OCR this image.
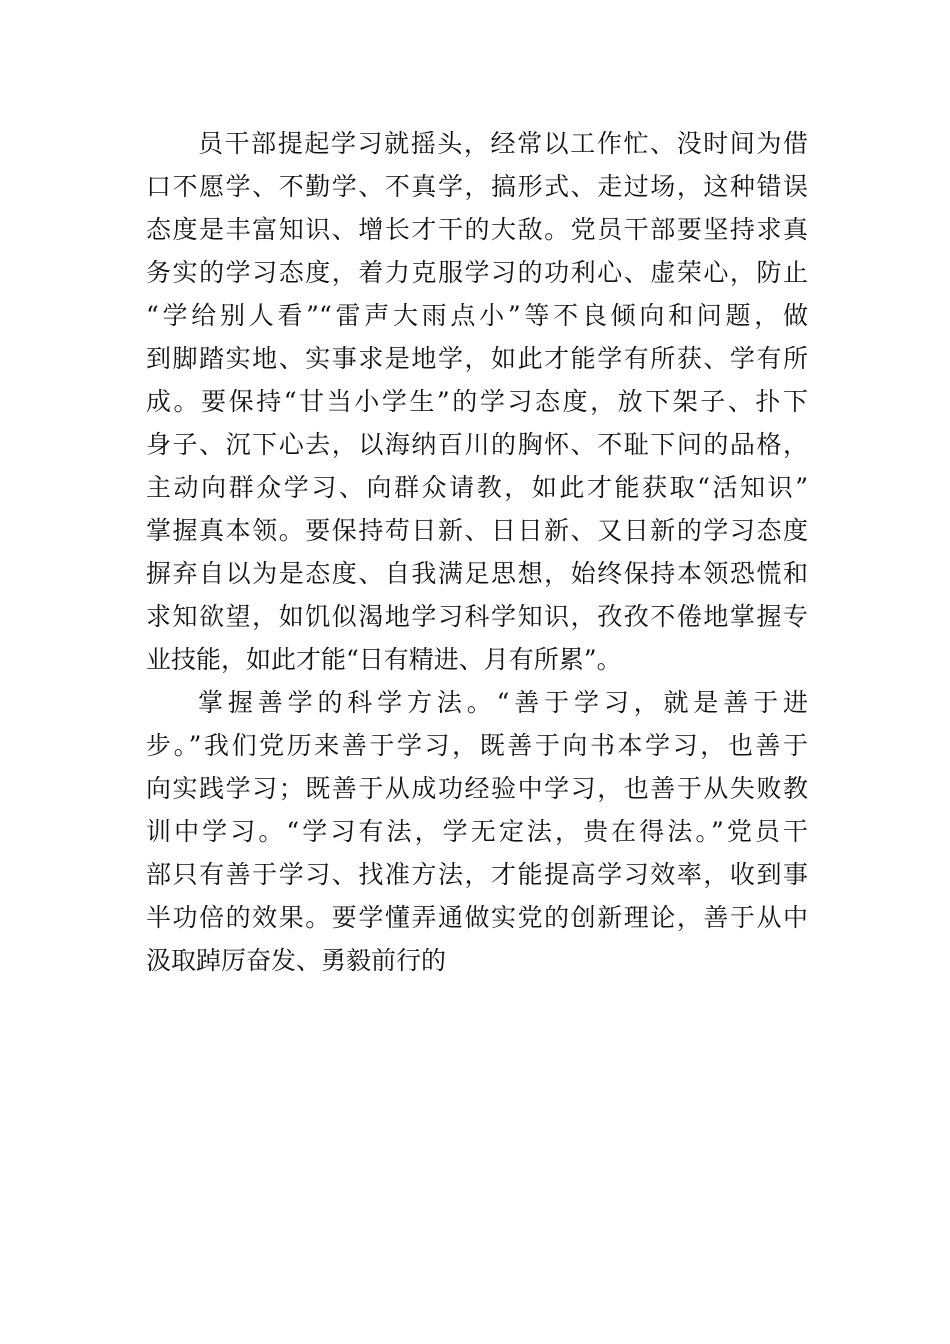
员干部提起学习就摇头，经常以工作忙、没时间为借
口不愿学、不勤学、不真学，搞形式、走过场，这种错误
态度是丰富知识、增长才干的大敌。党员干部要坚持求真
务实的学习态度，着力克服学习的功利心、虚荣心，防止
“学给别人看”“雷声大雨点小”等不良倾向和问题，做
到脚踏实地、实事求是地学，如此才能学有所获、学有所
成。要保持“甘当小学生”的学习态度，放下架子、扑下
身子、沉下心去，以海纳百川的胸怀、不耻下问的品格，
主动向群众学习、向群众请教，如此才能获取“活知识”
掌握真本领。要保持苟日新、日日新、又日新的学习态度
摒弃自以为是态度、自我满足思想，始终保持本领恐慌和
求知欲望，如饥似渴地学习科学知识，孜孜不倦地掌握专
业技能，如此才能“日有精进、月有所累”。
掌握善学的科学方法。“善于学习，就是善于进
步。”我们党历来善于学习，既善于向书本学习，也善于
向实践学习；既善于从成功经验中学习，也善于从失败教
训中学习。“学习有法，学无定法，贵在得法。”党员干
部只有善于学习、找准方法，才能提高学习效率，收到事
半功倍的效果。要学懂弄通做实党的创新理论，善于从中
汲取踔厉奋发、勇毅前行的
